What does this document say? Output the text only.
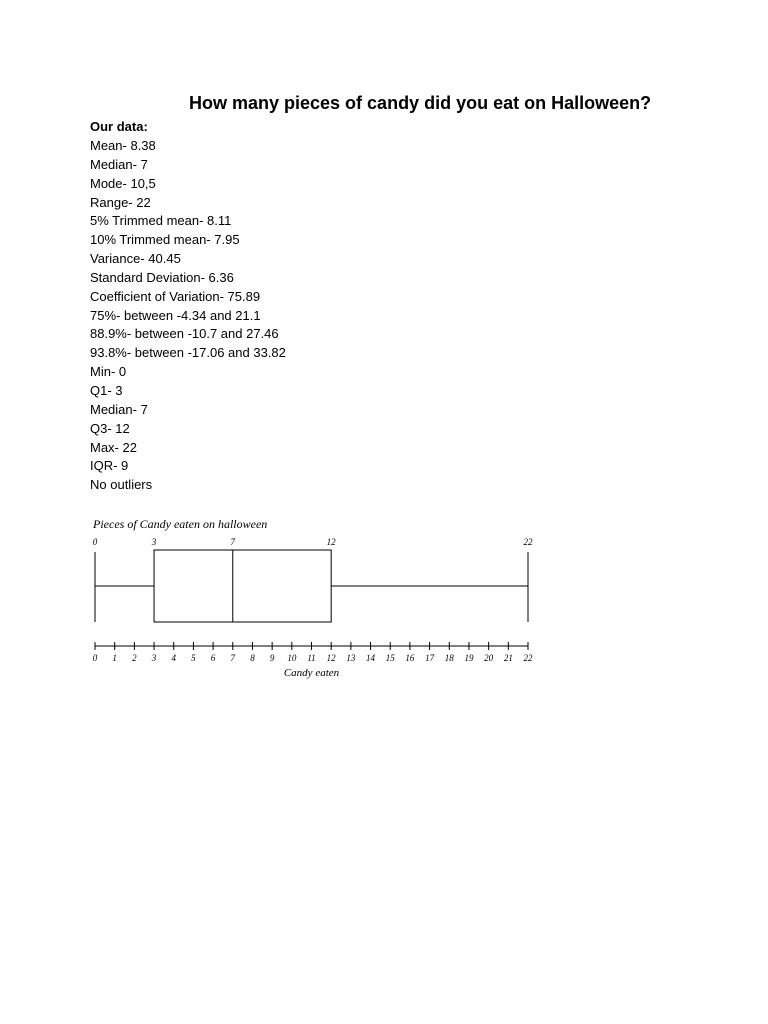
How many pieces of candy did you eat on Halloween?

Our data:

Mean- 8.38
Median- 7
Mode- 10,5
Range- 22
5% Trimmed mean- 8.11
10% Trimmed mean- 7.95
Variance- 40.45
Standard Deviation- 6.36
Coefficient of Variation- 75.89
75%- between -4.34 and 21.1
88.9%- between -10.7 and 27.46
93.8%- between -17.06 and 33.82
Min- 0
Q1- 3
Median- 7
Q3- 12
Max- 22
IQR- 9
No outliers
Pieces of Candy eaten on halloween
0	3	7	12	22
0 1 2 3 4 5 6 7 8 9 10 11 12 13 14 15 16 17 18 19 20 21 22
Candy eaten
